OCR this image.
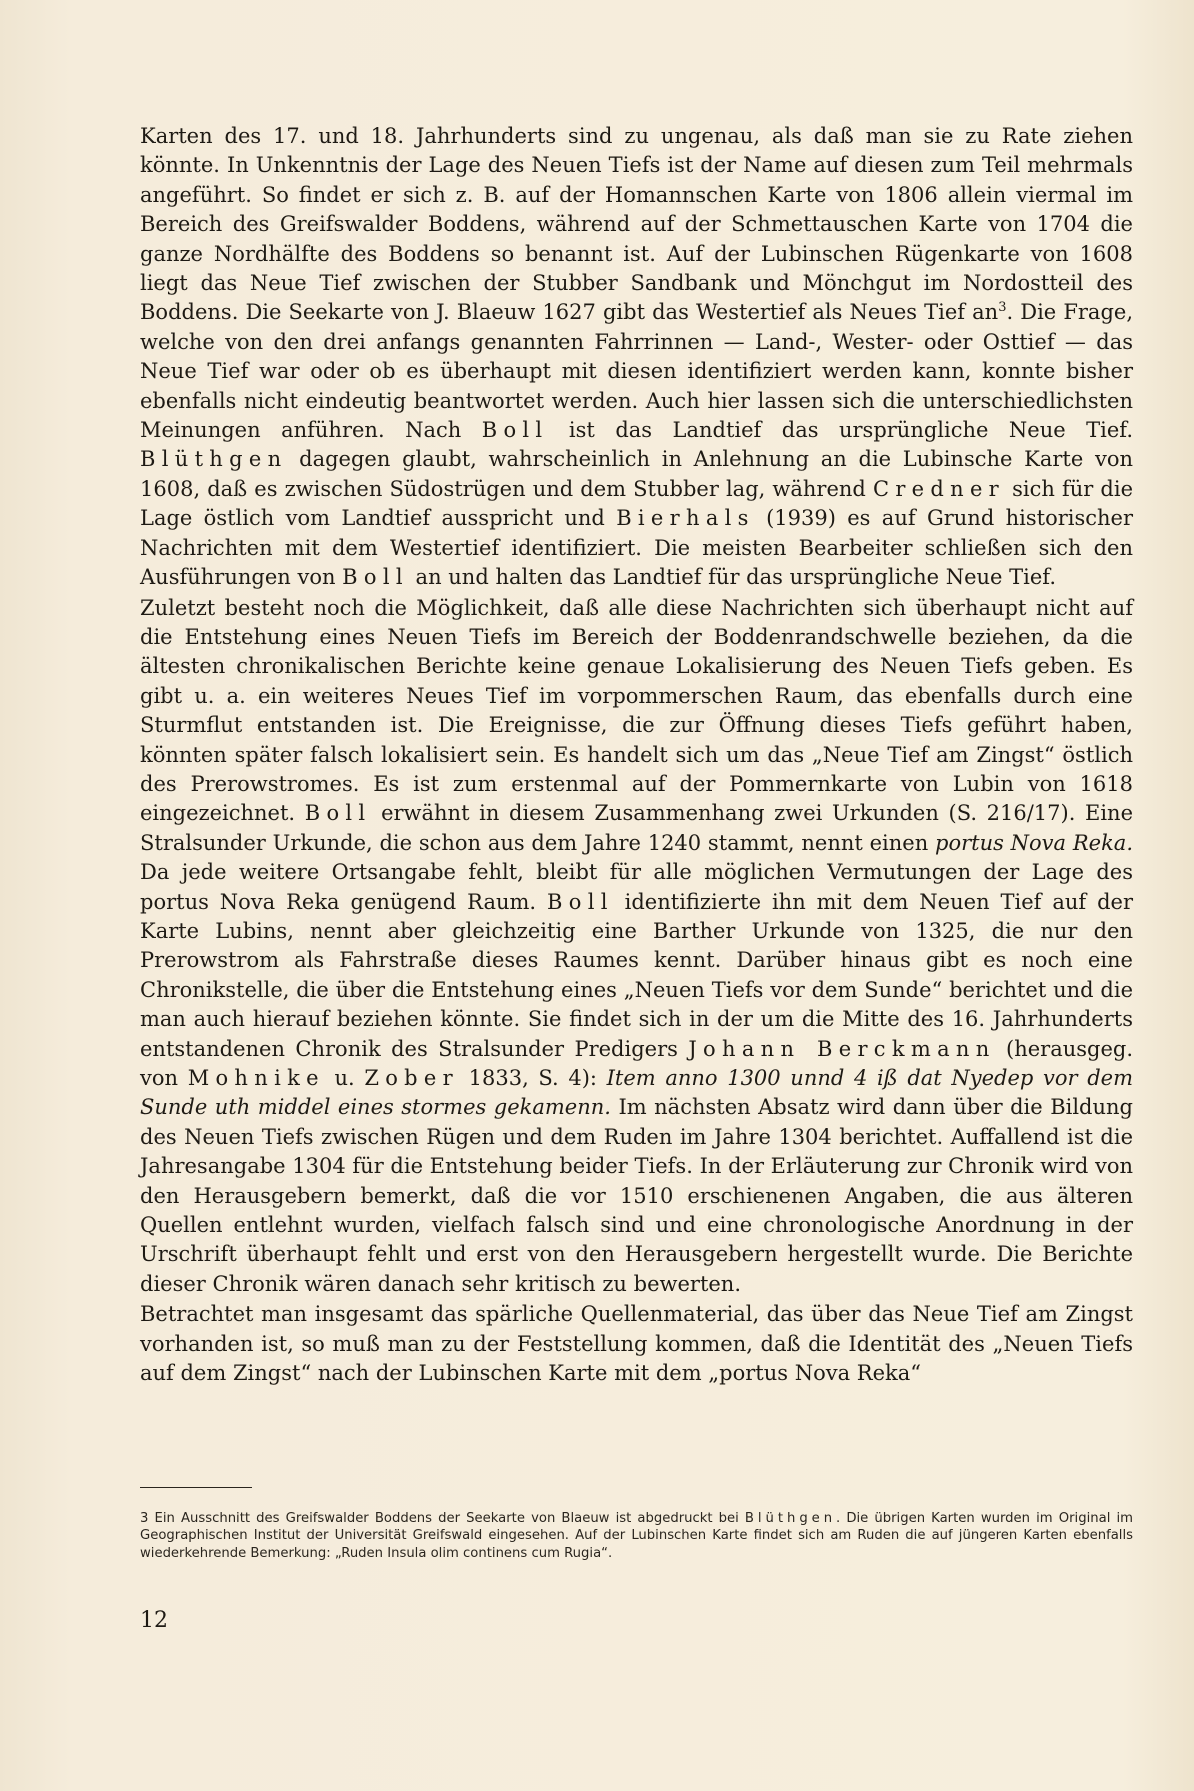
Karten des 17. und 18. Jahrhunderts sind zu ungenau, als daß man sie zu Rate ziehen könnte. In Unkenntnis der Lage des Neuen Tiefs ist der Name auf diesen zum Teil mehrmals angeführt. So findet er sich z. B. auf der Homannschen Karte von 1806 allein viermal im Bereich des Greifswalder Boddens, während auf der Schmettauschen Karte von 1704 die ganze Nordhälfte des Boddens so benannt ist. Auf der Lubinschen Rügenkarte von 1608 liegt das Neue Tief zwischen der Stubber Sandbank und Mönchgut im Nordostteil des Boddens. Die Seekarte von J. Blaeuw 1627 gibt das Westertief als Neues Tief $an^3$. Die Frage, welche von den drei anfangs genannten Fahrrinnen — Land-, Wester- oder Osttief — das Neue Tief war oder ob es überhaupt mit diesen identifiziert werden kann, konnte bisher ebenfalls nicht eindeutig beantwortet werden. Auch hier lassen sich die unterschiedlichsten Meinungen anführen. Nach Boll ist das Landtief das ursprüngliche Neue Tief. Blüthgen dagegen glaubt, wahrscheinlich in Anlehnung an die Lubinsche Karte von 1608, daß es zwischen Südostrügen und dem Stubber lag, während Credner sich für die Lage östlich vom Landtief ausspricht und Bierhals (1939) es auf Grund historischer Nachrichten mit dem Westertief identifiziert. Die meisten Bearbeiter schließen sich den Ausführungen von Boll an und halten das Landtief für das ursprüngliche Neue Tief.

Zuletzt besteht noch die Möglichkeit, daß alle diese Nachrichten sich überhaupt nicht auf die Entstehung eines Neuen Tiefs im Bereich der Boddenrandschwelle beziehen, da die ältesten chronikalischen Berichte keine genaue Lokalisierung des Neuen Tiefs geben. Es gibt u. a. ein weiteres Neues Tief im vorpommerschen Raum, das ebenfalls durch eine Sturmflut entstanden ist. Die Ereignisse, die zur Öffnung dieses Tiefs geführt haben, könnten später falsch lokalisiert sein. Es handelt sich um das „Neue Tief am Zingst“ östlich des Prerowstromes. Es ist zum erstenmal auf der Pommernkarte von Lubin von 1618 eingezeichnet. Boll erwähnt in diesem Zusammenhang zwei Urkunden (S. 216/17). Eine Stralsunder Urkunde, die schon aus dem Jahre 1240 stammt, nennt einen portus Nova Reka. Da jede weitere Ortsangabe fehlt, bleibt für alle möglichen Vermutungen der Lage des portus Nova Reka genügend Raum. Boll identifizierte ihn mit dem Neuen Tief auf der Karte Lubins, nennt aber gleichzeitig eine Barther Urkunde von 1325, die nur den Prerowstrom als Fahrstraße dieses Raumes kennt. Darüber hinaus gibt es noch eine Chronikstelle, die über die Entstehung eines „Neuen Tiefs vor dem Sunde“ berichtet und die man auch hierauf beziehen könnte. Sie findet sich in der um die Mitte des 16. Jahrhunderts entstandenen Chronik des Stralsunder Predigers Johann Berckmann (herausgeg. von Mohnike u. Zober 1833, S. 4): Item anno 1300 unnd 4 iß dat Nyedep vor dem Sunde uth middel eines stormes gekamenn. Im nächsten Absatz wird dann über die Bildung des Neuen Tiefs zwischen Rügen und dem Ruden im Jahre 1304 berichtet. Auffallend ist die Jahresangabe 1304 für die Entstehung beider Tiefs. In der Erläuterung zur Chronik wird von den Herausgebern bemerkt, daß die vor 1510 erschienenen Angaben, die aus älteren Quellen entlehnt wurden, vielfach falsch sind und eine chronologische Anordnung in der Urschrift überhaupt fehlt und erst von den Herausgebern hergestellt wurde. Die Berichte dieser Chronik wären danach sehr kritisch zu bewerten.

Betrachtet man insgesamt das spärliche Quellenmaterial, das über das Neue Tief am Zingst vorhanden ist, so muß man zu der Feststellung kommen, daß die Identität des „Neuen Tiefs auf dem Zingst“ nach der Lubinschen Karte mit dem „portus Nova Reka“

3 Ein Ausschnitt des Greifswalder Boddens der Seekarte von Blaeuw ist abgedruckt bei Blüthgen. Die übrigen Karten wurden im Original im Geographischen Institut der Universität Greifswald eingesehen. Auf der Lubinschen Karte findet sich am Ruden die auf jüngeren Karten ebenfalls wiederkehrende Bemerkung: „Ruden Insula olim continens cum Rugia“.

12
